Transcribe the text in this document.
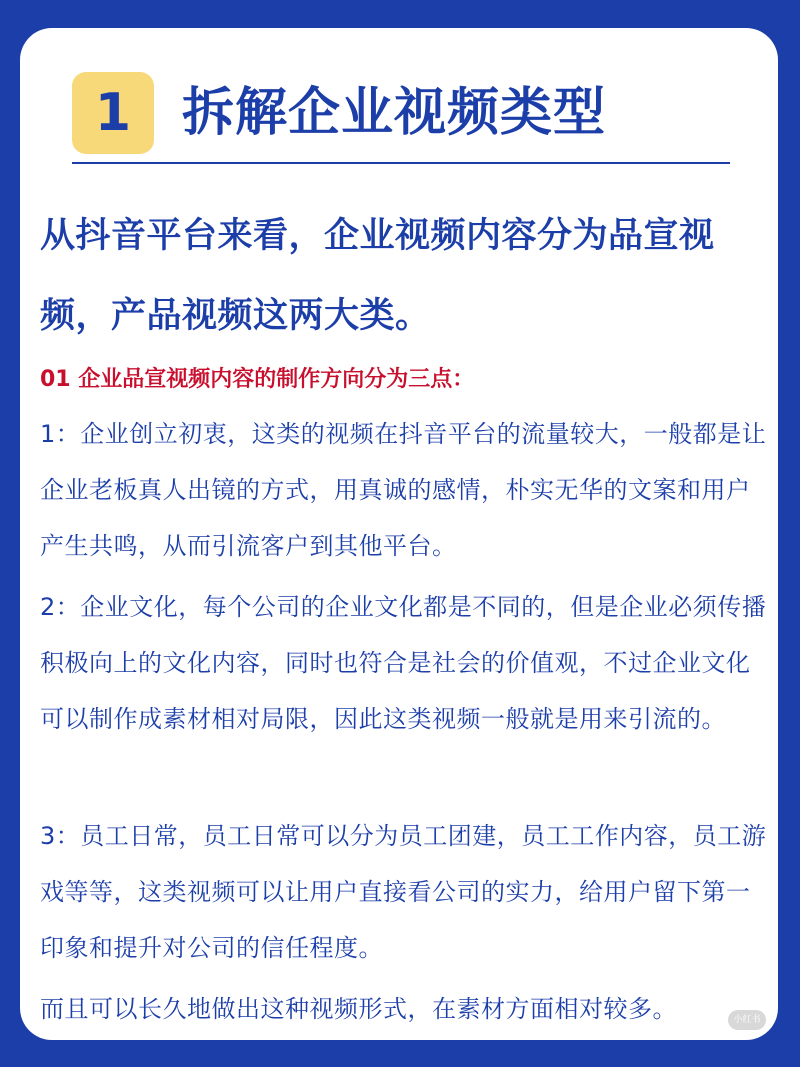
1 拆解企业视频类型
从抖音平台来看，企业视频内容分为品宣视频，产品视频这两大类。
01 企业品宣视频内容的制作方向分为三点：
1：企业创立初衷，这类的视频在抖音平台的流量较大，一般都是让企业老板真人出镜的方式，用真诚的感情，朴实无华的文案和用户产生共鸣，从而引流客户到其他平台。
2：企业文化，每个公司的企业文化都是不同的，但是企业必须传播积极向上的文化内容，同时也符合是社会的价值观，不过企业文化可以制作成素材相对局限，因此这类视频一般就是用来引流的。
3：员工日常，员工日常可以分为员工团建，员工工作内容，员工游戏等等，这类视频可以让用户直接看公司的实力，给用户留下第一印象和提升对公司的信任程度。
而且可以长久地做出这种视频形式，在素材方面相对较多。	小红书
